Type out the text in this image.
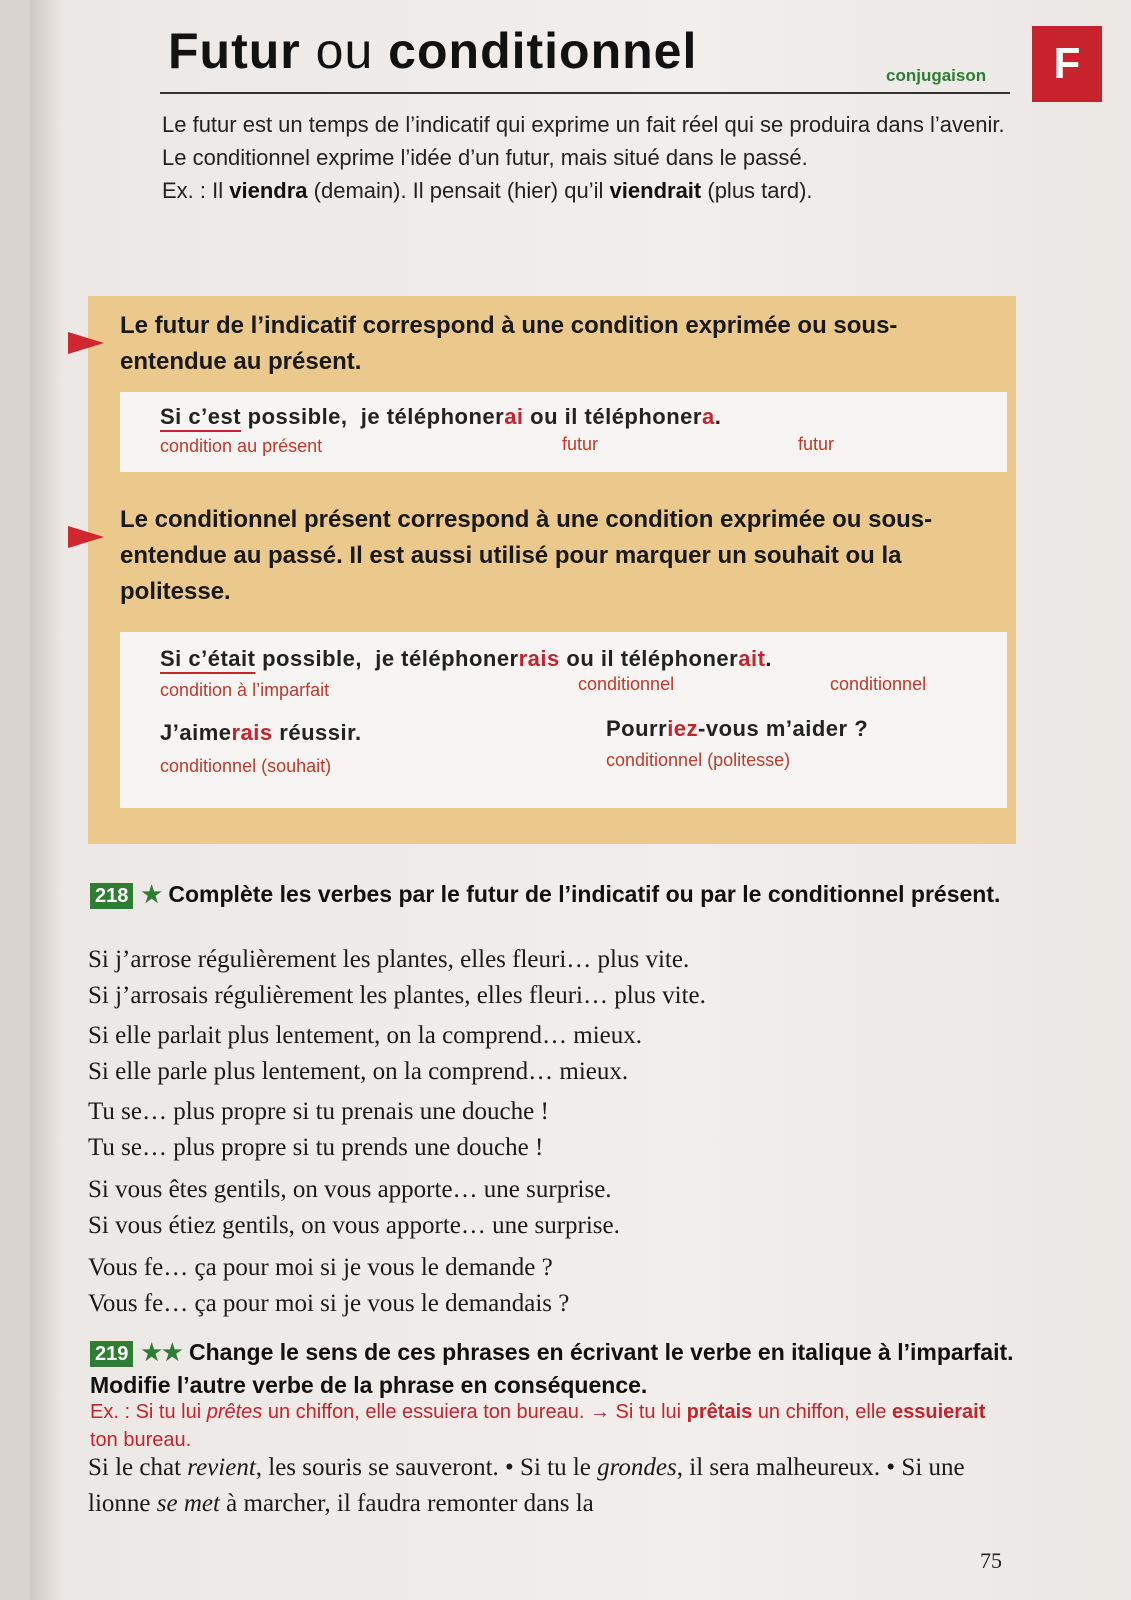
Futur ou conditionnel	conjugaison	F

Le futur est un temps de l’indicatif qui exprime un fait réel qui se produira dans l’avenir. Le conditionnel exprime l’idée d’un futur, mais situé dans le passé.

Ex. : Il viendra (demain). Il pensait (hier) qu’il viendrait (plus tard).

Le futur de l’indicatif correspond à une condition exprimée ou sous-entendue au présent.
Si c’est possible, je téléphonerai ou il téléphonera.
condition au présent	futur	futur
Le conditionnel présent correspond à une condition exprimée ou sous-entendue au passé. Il est aussi utilisé pour marquer un souhait ou la politesse.
Si c’était possible, je téléphonerrais ou il téléphonerait.
condition à l’imparfait	conditionnel	conditionnel
J’aimerais réussir.
conditionnel (souhait)
Pourriez-vous m’aider ?
conditionnel (politesse)
218 ★ Complète les verbes par le futur de l’indicatif ou par le conditionnel présent.
Si j’arrose régulièrement les plantes, elles fleuri… plus vite.
Si j’arrosais régulièrement les plantes, elles fleuri… plus vite.
Si elle parlait plus lentement, on la comprend… mieux.
Si elle parle plus lentement, on la comprend… mieux.
Tu se… plus propre si tu prenais une douche !
Tu se… plus propre si tu prends une douche !
Si vous êtes gentils, on vous apporte… une surprise.
Si vous étiez gentils, on vous apporte… une surprise.
Vous fe… ça pour moi si je vous le demande ?
Vous fe… ça pour moi si je vous le demandais ?
219 ★★ Change le sens de ces phrases en écrivant le verbe en italique à l’imparfait. Modifie l’autre verbe de la phrase en conséquence.
Ex. : Si tu lui prêtes un chiffon, elle essuiera ton bureau. → Si tu lui prêtais un chiffon, elle essuierait ton bureau.
Si le chat revient, les souris se sauveront. • Si tu le grondes, il sera malheureux. • Si une lionne se met à marcher, il faudra remonter dans la
75
